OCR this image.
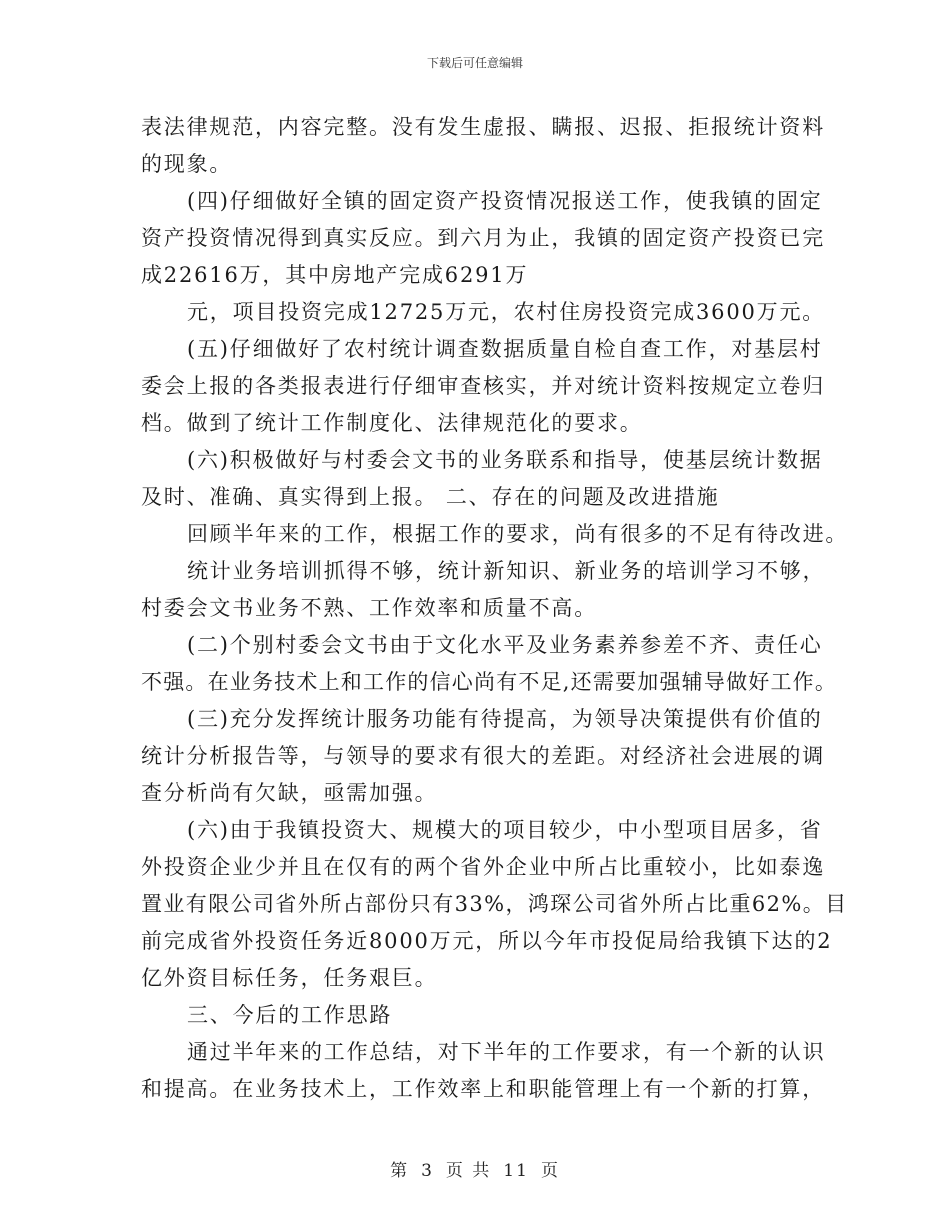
下载后可任意编辑
表法律规范，内容完整。没有发生虚报、瞒报、迟报、拒报统计资料
的现象。
(四)仔细做好全镇的固定资产投资情况报送工作，使我镇的固定
资产投资情况得到真实反应。到六月为止，我镇的固定资产投资已完
成22616万，其中房地产完成6291万
元，项目投资完成12725万元，农村住房投资完成3600万元。
(五)仔细做好了农村统计调查数据质量自检自查工作，对基层村
委会上报的各类报表进行仔细审查核实，并对统计资料按规定立卷归
档。做到了统计工作制度化、法律规范化的要求。
(六)积极做好与村委会文书的业务联系和指导，使基层统计数据
及时、准确、真实得到上报。 二、存在的问题及改进措施
回顾半年来的工作，根据工作的要求，尚有很多的不足有待改进。
统计业务培训抓得不够，统计新知识、新业务的培训学习不够，
村委会文书业务不熟、工作效率和质量不高。
(二)个别村委会文书由于文化水平及业务素养参差不齐、责任心
不强。在业务技术上和工作的信心尚有不足,还需要加强辅导做好工作。
(三)充分发挥统计服务功能有待提高，为领导决策提供有价值的
统计分析报告等，与领导的要求有很大的差距。对经济社会进展的调
查分析尚有欠缺，亟需加强。
(六)由于我镇投资大、规模大的项目较少，中小型项目居多，省
外投资企业少并且在仅有的两个省外企业中所占比重较小，比如泰逸
置业有限公司省外所占部份只有33%，鸿琛公司省外所占比重62%。目
前完成省外投资任务近8000万元，所以今年市投促局给我镇下达的2
亿外资目标任务，任务艰巨。
三、今后的工作思路
通过半年来的工作总结，对下半年的工作要求，有一个新的认识
和提高。在业务技术上，工作效率上和职能管理上有一个新的打算，
第 3 页 共 11 页
